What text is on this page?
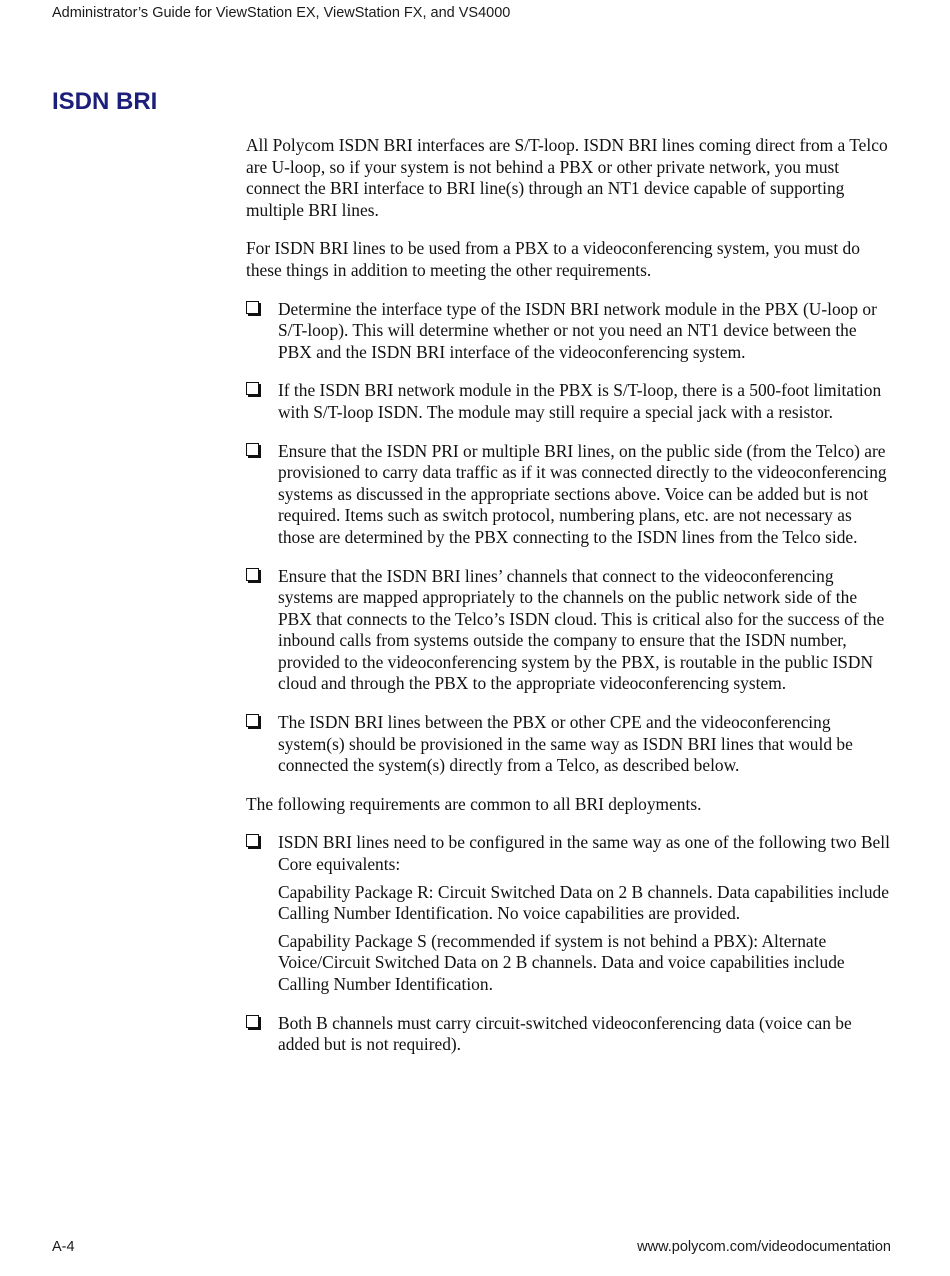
Administrator’s Guide for ViewStation EX, ViewStation FX, and VS4000
ISDN BRI

All Polycom ISDN BRI interfaces are S/T-loop. ISDN BRI lines coming direct from a Telco are U-loop, so if your system is not behind a PBX or other private network, you must connect the BRI interface to BRI line(s) through an NT1 device capable of supporting multiple BRI lines.

For ISDN BRI lines to be used from a PBX to a videoconferencing system, you must do these things in addition to meeting the other requirements.

Determine the interface type of the ISDN BRI network module in the PBX (U-loop or S/T-loop). This will determine whether or not you need an NT1 device between the PBX and the ISDN BRI interface of the videoconferencing system.

If the ISDN BRI network module in the PBX is S/T-loop, there is a 500-foot limitation with S/T-loop ISDN. The module may still require a special jack with a resistor.

Ensure that the ISDN PRI or multiple BRI lines, on the public side (from the Telco) are provisioned to carry data traffic as if it was connected directly to the videoconferencing systems as discussed in the appropriate sections above. Voice can be added but is not required. Items such as switch protocol, numbering plans, etc. are not necessary as those are determined by the PBX connecting to the ISDN lines from the Telco side.

Ensure that the ISDN BRI lines’ channels that connect to the videoconferencing systems are mapped appropriately to the channels on the public network side of the PBX that connects to the Telco’s ISDN cloud. This is critical also for the success of the inbound calls from systems outside the company to ensure that the ISDN number, provided to the videoconferencing system by the PBX, is routable in the public ISDN cloud and through the PBX to the appropriate videoconferencing system.

The ISDN BRI lines between the PBX or other CPE and the videoconferencing system(s) should be provisioned in the same way as ISDN BRI lines that would be connected the system(s) directly from a Telco, as described below.

The following requirements are common to all BRI deployments.

ISDN BRI lines need to be configured in the same way as one of the following two Bell Core equivalents:

Capability Package R: Circuit Switched Data on 2 B channels. Data capabilities include Calling Number Identification. No voice capabilities are provided.

Capability Package S (recommended if system is not behind a PBX): Alternate Voice/Circuit Switched Data on 2 B channels. Data and voice capabilities include Calling Number Identification.

Both B channels must carry circuit-switched videoconferencing data (voice can be added but is not required).

A-4	www.polycom.com/videodocumentation
